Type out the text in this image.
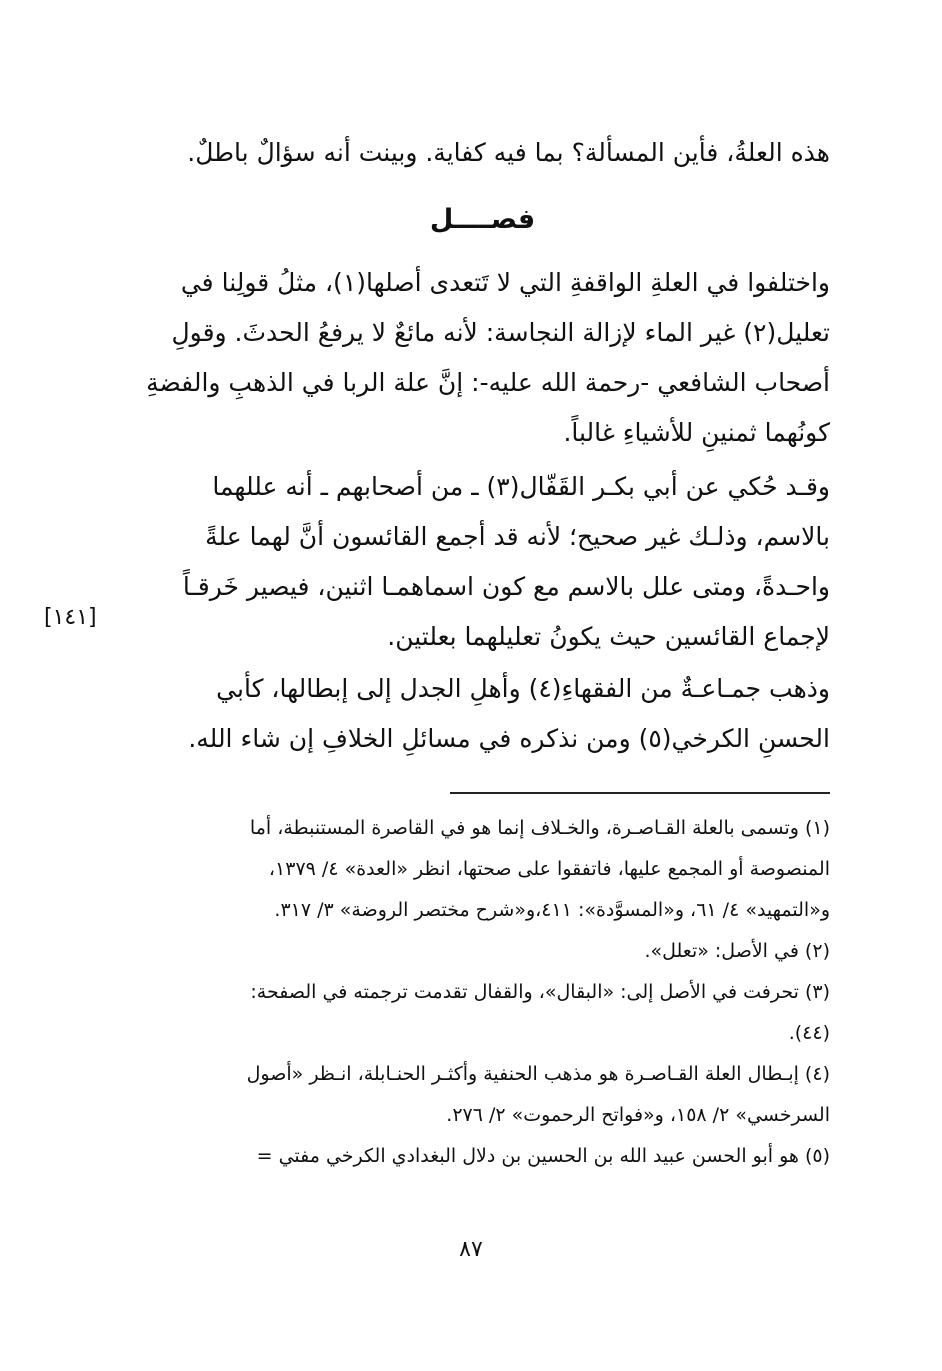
هذه العلةُ، فأين المسألة؟ بما فيه كفاية. وبينت أنه سؤالٌ باطلٌ.
فصــــل
واختلفوا في العلةِ الواقفةِ التي لا تَتعدى أصلها(١)، مثلُ قولِنا في
تعليل(٢) غير الماء لإزالة النجاسة: لأنه مائعٌ لا يرفعُ الحدثَ. وقولِ
أصحاب الشافعي -رحمة الله عليه-: إنَّ علة الربا في الذهبِ والفضةِ
كونُهما ثمنينِ للأشياءِ غالباً.
وقـد حُكي عن أبي بكـر القَفّال(٣) ـ من أصحابهم ـ أنه عللهما
بالاسم، وذلـك غير صحيح؛ لأنه قد أجمع القائسون أنَّ لهما علةً
واحـدةً، ومتى علل بالاسم مع كون اسماهمـا اثنين، فيصير خَرقـاً
لإجماع القائسين حيث يكونُ تعليلهما بعلتين.
[١٤١]
وذهب جمـاعـةٌ من الفقهاءِ(٤) وأهلِ الجدل إلى إبطالها، كأبي
الحسنِ الكرخي(٥) ومن نذكره في مسائلِ الخلافِ إن شاء الله.
(١) وتسمى بالعلة القـاصـرة، والخـلاف إنما هو في القاصرة المستنبطة، أما
المنصوصة أو المجمع عليها، فاتفقوا على صحتها، انظر «العدة» ٤/ ١٣٧٩،
و«التمهيد» ٤/ ٦١، و«المسوَّدة»: ٤١١،و«شرح مختصر الروضة» ٣/ ٣١٧.
(٢) في الأصل: «تعلل».
(٣) تحرفت في الأصل إلى: «البقال»، والقفال تقدمت ترجمته في الصفحة:
(٤٤).
(٤) إبـطال العلة القـاصـرة هو مذهب الحنفية وأكثـر الحنـابلة، انـظر «أصول
السرخسي» ٢/ ١٥٨، و«فواتح الرحموت» ٢/ ٢٧٦.
(٥) هو أبو الحسن عبيد الله بن الحسين بن دلال البغدادي الكرخي مفتي =
٨٧
